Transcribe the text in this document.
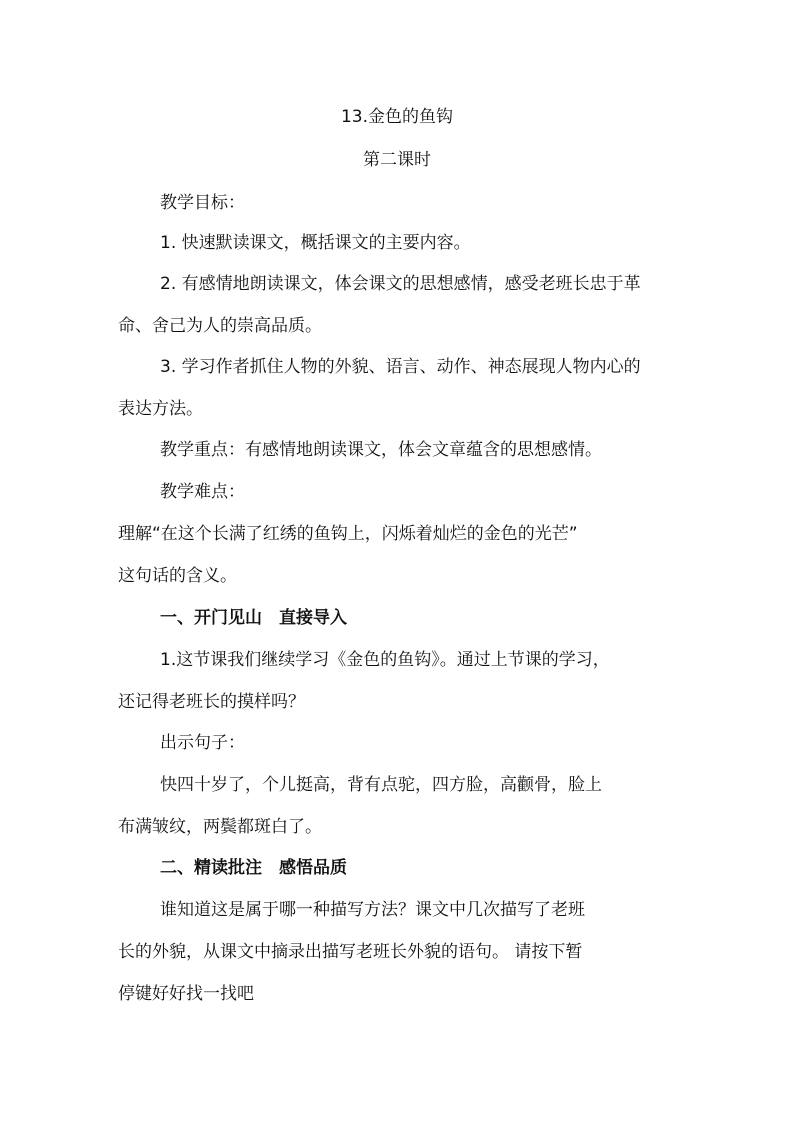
13.金色的鱼钩
第二课时
教学目标：
1. 快速默读课文，概括课文的主要内容。
2. 有感情地朗读课文，体会课文的思想感情，感受老班长忠于革
命、舍己为人的崇高品质。
3. 学习作者抓住人物的外貌、语言、动作、神态展现人物内心的
表达方法。
教学重点：有感情地朗读课文，体会文章蕴含的思想感情。
教学难点：
理解“在这个长满了红绣的鱼钩上，闪烁着灿烂的金色的光芒”
这句话的含义。
一、开门见山　直接导入
1.这节课我们继续学习《金色的鱼钩》。通过上节课的学习，
还记得老班长的摸样吗？
出示句子：
快四十岁了，个儿挺高，背有点驼，四方脸，高颧骨，脸上
布满皱纹，两鬓都斑白了。
二、精读批注　感悟品质
谁知道这是属于哪一种描写方法？课文中几次描写了老班
长的外貌，从课文中摘录出描写老班长外貌的语句。 请按下暂
停键好好找一找吧
